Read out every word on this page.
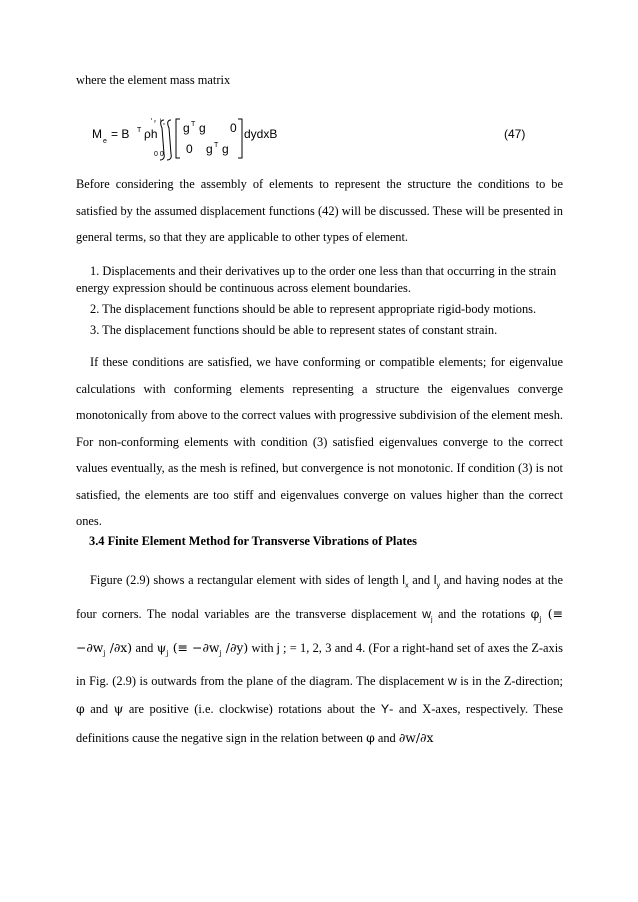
where the element mass matrix

M
e
= B T ρh
l y l x
0 0
g T g 0
0 g T g
dydxB	(47)

Before considering the assembly of elements to represent the structure the conditions to be satisfied by the assumed displacement functions (42) will be discussed. These will be presented in general terms, so that they are applicable to other types of element.

1. Displacements and their derivatives up to the order one less than that occurring in the strain
energy expression should be continuous across element boundaries.
2. The displacement functions should be able to represent appropriate rigid-body motions.
3. The displacement functions should be able to represent states of constant strain.

If these conditions are satisfied, we have conforming or compatible elements; for eigenvalue calculations with conforming elements representing a structure the eigenvalues converge monotonically from above to the correct values with progressive subdivision of the element mesh. For non-conforming elements with condition (3) satisfied eigenvalues converge to the correct values eventually, as the mesh is refined, but convergence is not monotonic. If condition (3) is not satisfied, the elements are too stiff and eigenvalues converge on values higher than the correct ones.

3.4 Finite Element Method for Transverse Vibrations of Plates

Figure (2.9) shows a rectangular element with sides of length $l_x$ and $l_y$ and having nodes at the four corners. The nodal variables are the transverse displacement $w_j$ and the rotations $\varphi_j$ (≡ $-\partial w_j$ ∕∂x) and $\psi_j$ (≡ $-\partial w_j$ ∕∂y) with j ; = 1, 2, 3 and 4. (For a right-hand set of axes the Z-axis in Fig. (2.9) is outwards from the plane of the diagram. The displacement w is in the Z-direction; φ and ψ are positive (i.e. clockwise) rotations about the Y- and X-axes, respectively. These definitions cause the negative sign in the relation between φ and ∂w∕∂x
